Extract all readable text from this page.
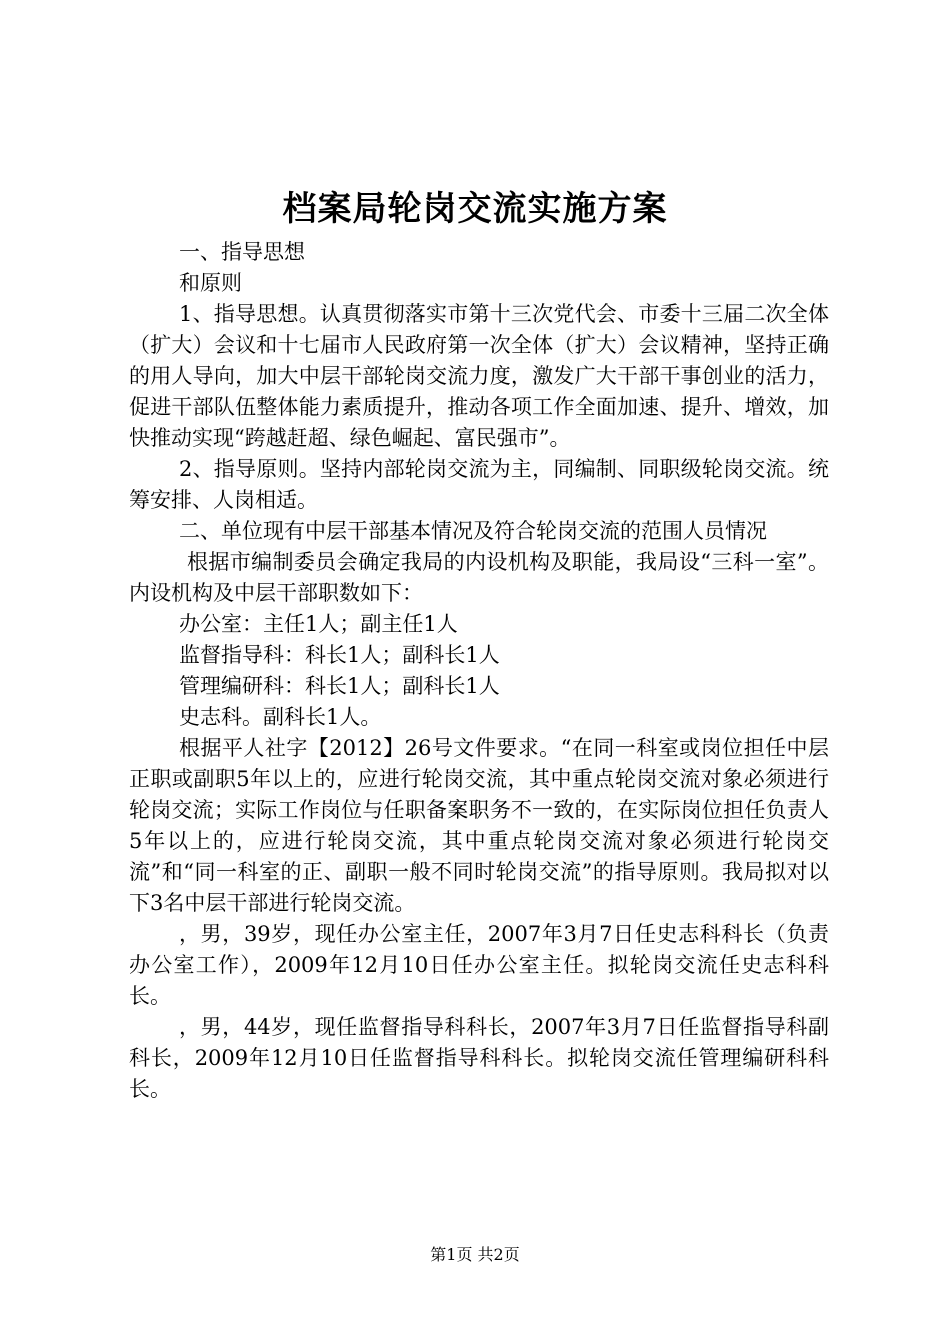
档案局轮岗交流实施方案

一、指导思想

和原则

1、指导思想。认真贯彻落实市第十三次党代会、市委十三届二次全体（扩大）会议和十七届市人民政府第一次全体（扩大）会议精神，坚持正确的用人导向，加大中层干部轮岗交流力度，激发广大干部干事创业的活力，促进干部队伍整体能力素质提升，推动各项工作全面加速、提升、增效，加快推动实现“跨越赶超、绿色崛起、富民强市”。

2、指导原则。坚持内部轮岗交流为主，同编制、同职级轮岗交流。统筹安排、人岗相适。

二、单位现有中层干部基本情况及符合轮岗交流的范围人员情况

根据市编制委员会确定我局的内设机构及职能，我局设“三科一室”。内设机构及中层干部职数如下：

办公室：主任1人；副主任1人

监督指导科：科长1人；副科长1人

管理编研科：科长1人；副科长1人

史志科。副科长1人。

根据平人社字【2012】26号文件要求。“在同一科室或岗位担任中层正职或副职5年以上的，应进行轮岗交流，其中重点轮岗交流对象必须进行轮岗交流；实际工作岗位与任职备案职务不一致的，在实际岗位担任负责人5年以上的，应进行轮岗交流，其中重点轮岗交流对象必须进行轮岗交流”和“同一科室的正、副职一般不同时轮岗交流”的指导原则。我局拟对以下3名中层干部进行轮岗交流。

，男，39岁，现任办公室主任，2007年3月7日任史志科科长（负责办公室工作），2009年12月10日任办公室主任。拟轮岗交流任史志科科长。

，男，44岁，现任监督指导科科长，2007年3月7日任监督指导科副科长，2009年12月10日任监督指导科科长。拟轮岗交流任管理编研科科长。

第1页 共2页
